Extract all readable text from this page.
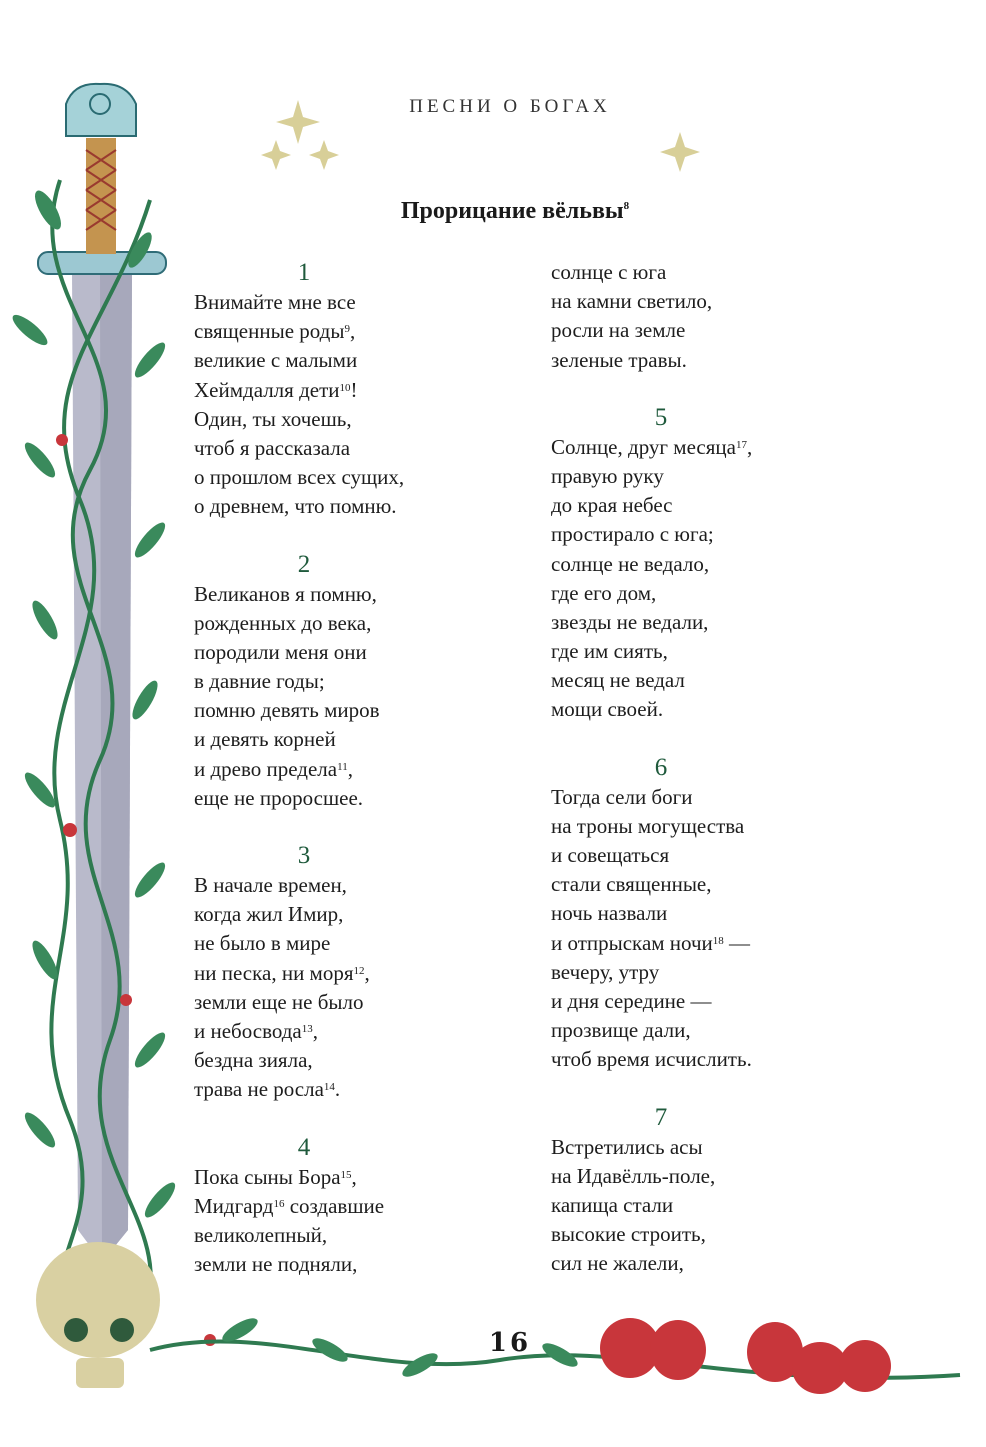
ПЕСНИ О БОГАХ
Прорицание вёльвы$^8$
1
Внимайте мне все
священные роды$^9$,
великие с малыми
Хеймдалля дети$^{10}$!
Один, ты хочешь,
чтоб я рассказала
о прошлом всех сущих,
о древнем, что помню.
2
Великанов я помню,
рожденных до века,
породили меня они
в давние годы;
помню девять миров
и девять корней
и древо предела$^{11}$,
еще не проросшее.
3
В начале времен,
когда жил Имир,
не было в мире
ни песка, ни моря$^{12}$,
земли еще не было
и небосвода$^{13}$,
бездна зияла,
трава не росла$^{14}$.
4
Пока сыны Бора$^{15}$,
Мидгард$^{16}$ создавшие
великолепный,
земли не подняли,
солнце с юга
на камни светило,
росли на земле
зеленые травы.
5
Солнце, друг месяца$^{17}$,
правую руку
до края небес
простирало с юга;
солнце не ведало,
где его дом,
звезды не ведали,
где им сиять,
месяц не ведал
мощи своей.
6
Тогда сели боги
на троны могущества
и совещаться
стали священные,
ночь назвали
и отпрыскам ночи$^{18}$ —
вечеру, утру
и дня середине —
прозвище дали,
чтоб время исчислить.
7
Встретились асы
на Идавёлль-поле,
капища стали
высокие строить,
сил не жалели,
16
